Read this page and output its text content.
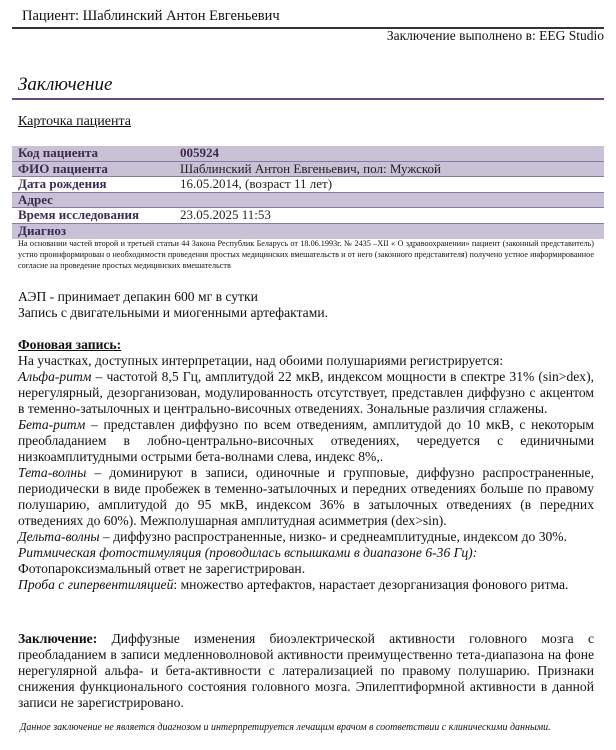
Пациент: Шаблинский Антон Евгеньевич
Заключение выполнено в: EEG Studio
Заключение
Карточка пациента
Код пациента	005924
ФИО пациента	Шаблинский Антон Евгеньевич, пол: Мужской
Дата рождения	16.05.2014, (возраст 11 лет)
Адрес
Время исследования	23.05.2025 11:53
Диагноз
На основании частей второй и третьей статьи 44 Закона Республик Беларусь от 18.06.1993г. № 2435 –XII « О здравоохранении» пациент (законный представитель) устно проинформирован о необходимости проведения простых медицинских вмешательств и от него (законного представителя) получено устное информированное согласие на проведение простых медицинских вмешательств

АЭП - принимает депакин 600 мг в сутки

Запись с двигательными и миогенными артефактами.

Фоновая запись:

На участках, доступных интерпретации, над обоими полушариями регистрируется:

Альфа-ритм – частотой 8,5 Гц, амплитудой 22 мкВ, индексом мощности в спектре 31% (sin>dex), нерегулярный, дезорганизован, модулированность отсутствует, представлен диффузно с акцентом в теменно-затылочных и центрально-височных отведениях. Зональные различия сглажены.

Бета-ритм – представлен диффузно по всем отведениям, амплитудой до 10 мкВ, с некоторым преобладанием в лобно-центрально-височных отведениях, чередуется с единичными низкоамплитудными острыми бета-волнами слева, индекс 8%,.

Тета-волны – доминируют в записи, одиночные и групповые, диффузно распространенные, периодически в виде пробежек в теменно-затылочных и передних отведениях больше по правому полушарию, амплитудой до 95 мкВ, индексом 36% в затылочных отведениях (в передних отведениях до 60%). Межполушарная амплитудная асимметрия (dex>sin).

Дельта-волны – диффузно распространенные, низко- и среднеамплитудные, индексом до 30%.

Ритмическая фотостимуляция (проводилась вспышками в диапазоне 6-36 Гц):

Фотопароксизмальный ответ не зарегистрирован.

Проба с гипервентиляцией: множество артефактов, нарастает дезорганизация фонового ритма.

Заключение: Диффузные изменения биоэлектрической активности головного мозга с преобладанием в записи медленноволновой активности преимущественно тета-диапазона на фоне нерегулярной альфа- и бета-активности с латерализацией по правому полушарию. Признаки снижения функционального состояния головного мозга. Эпилептиформной активности в данной записи не зарегистрировано.

Данное заключение не является диагнозом и интерпретируется лечащим врачом в соответствии с клиническими данными.
